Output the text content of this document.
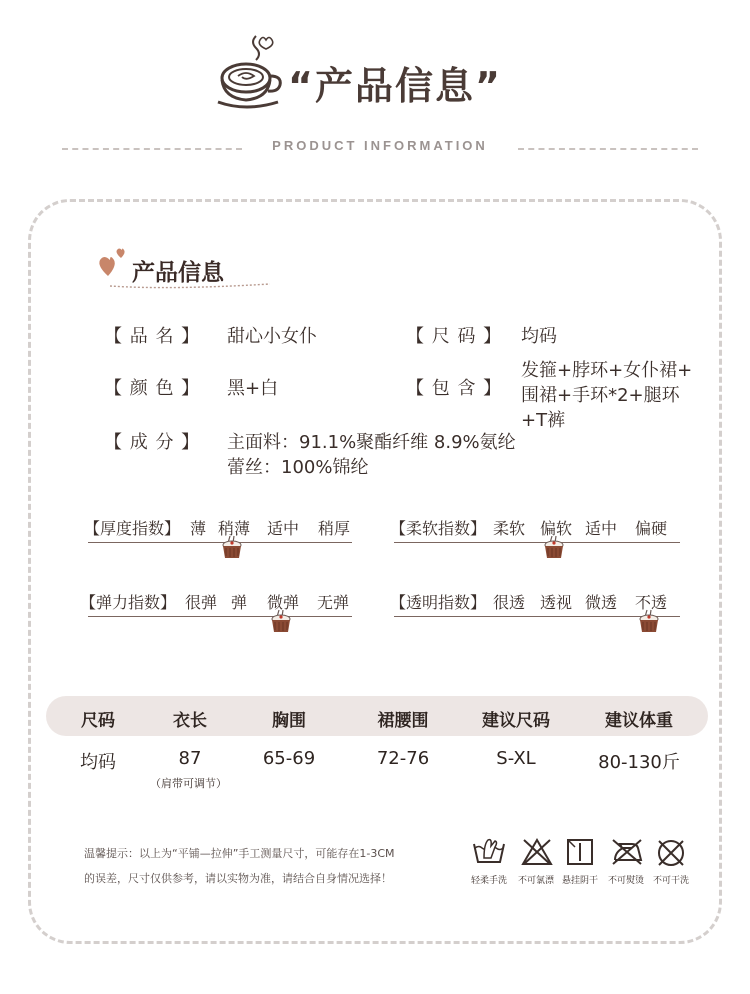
“产品信息”
PRODUCT INFORMATION
产品信息
【 品 名 】 甜心小女仆	【 尺 码 】 均码
【 颜 色 】 黑+白	【 包 含 】
发箍+脖环+女仆裙+
围裙+手环*2+腿环
+T裤
【 成 分 】 主面料：91.1%聚酯纤维 8.9%氨纶
蕾丝：100%锦纶
【厚度指数】 薄 稍薄 适中 稍厚 【柔软指数】 柔软 偏软 适中 偏硬
【弹力指数】 很弹 弹 微弹 无弹	【透明指数】 很透 透视 微透 不透
尺码	衣长	胸围	裙腰围	建议尺码	建议体重
均码	87	65-69	72-76	S-XL	80-130斤
（肩带可调节）
温馨提示：以上为“平铺—拉伸”手工测量尺寸，可能存在1-3CM
的误差，尺寸仅供参考，请以实物为准，请结合自身情况选择！	轻柔手洗 不可氯漂 悬挂阴干 不可熨烫 不可干洗
